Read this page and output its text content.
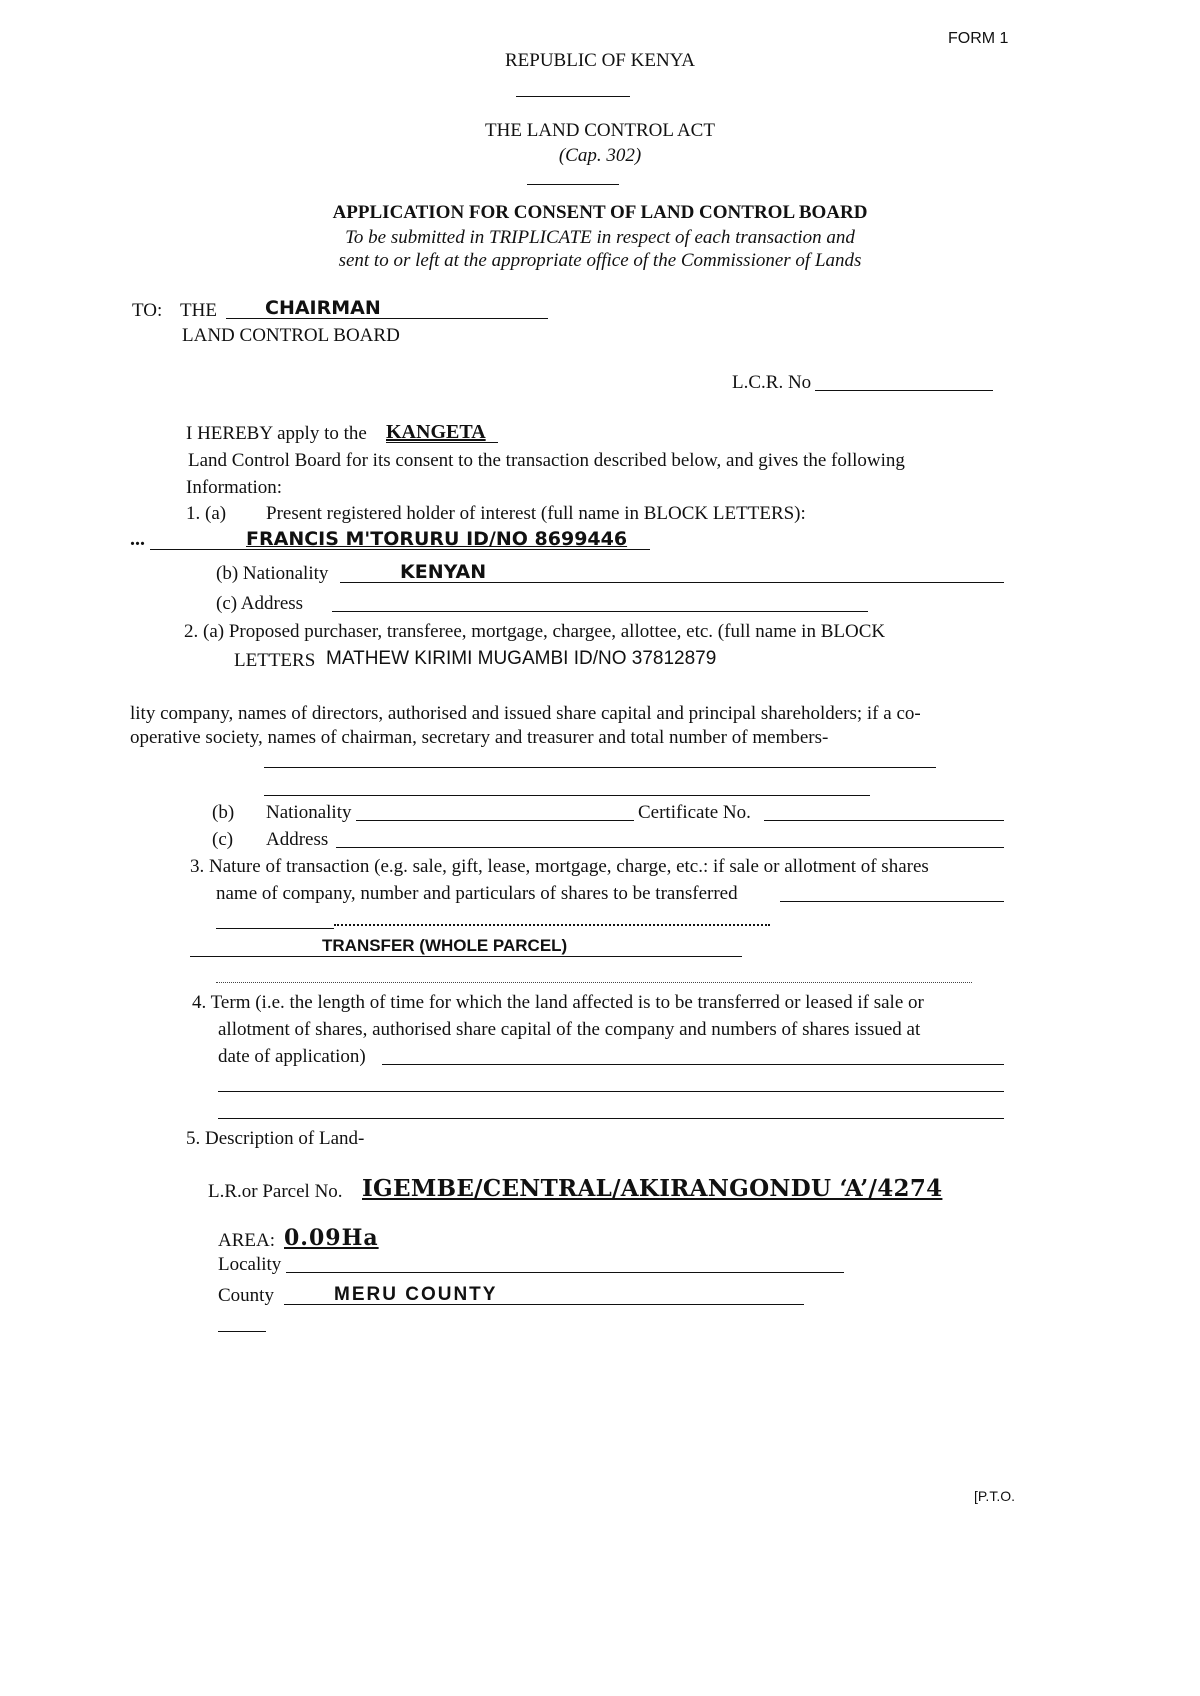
FORM 1
REPUBLIC OF KENYA
THE LAND CONTROL ACT
(Cap. 302)
APPLICATION FOR CONSENT OF LAND CONTROL BOARD
To be submitted in TRIPLICATE in respect of each transaction and
sent to or left at the appropriate office of the Commissioner of Lands
TO: THE	CHAIRMAN
LAND CONTROL BOARD
L.C.R. No
I HEREBY apply to the KANGETA
Land Control Board for its consent to the transaction described below, and gives the following
Information:
1. (a) Present registered holder of interest (full name in BLOCK LETTERS):
...	FRANCIS M'TORURU ID/NO 8699446
(b) Nationality	KENYAN
(c) Address
2. (a) Proposed purchaser, transferee, mortgage, chargee, allottee, etc. (full name in BLOCK
LETTERS MATHEW KIRIMI MUGAMBI ID/NO 37812879
lity company, names of directors, authorised and issued share capital and principal shareholders; if a co-
operative society, names of chairman, secretary and treasurer and total number of members-
(b) Nationality	Certificate No.
(c) Address
3. Nature of transaction (e.g. sale, gift, lease, mortgage, charge, etc.: if sale or allotment of shares
name of company, number and particulars of shares to be transferred
TRANSFER (WHOLE PARCEL)
4. Term (i.e. the length of time for which the land affected is to be transferred or leased if sale or
allotment of shares, authorised share capital of the company and numbers of shares issued at
date of application)
5. Description of Land-
L.R.or Parcel No. IGEMBE/CENTRAL/AKIRANGONDU ‘A’/4274
AREA: 0.09Ha
Locality
County	MERU COUNTY
[P.T.O.
